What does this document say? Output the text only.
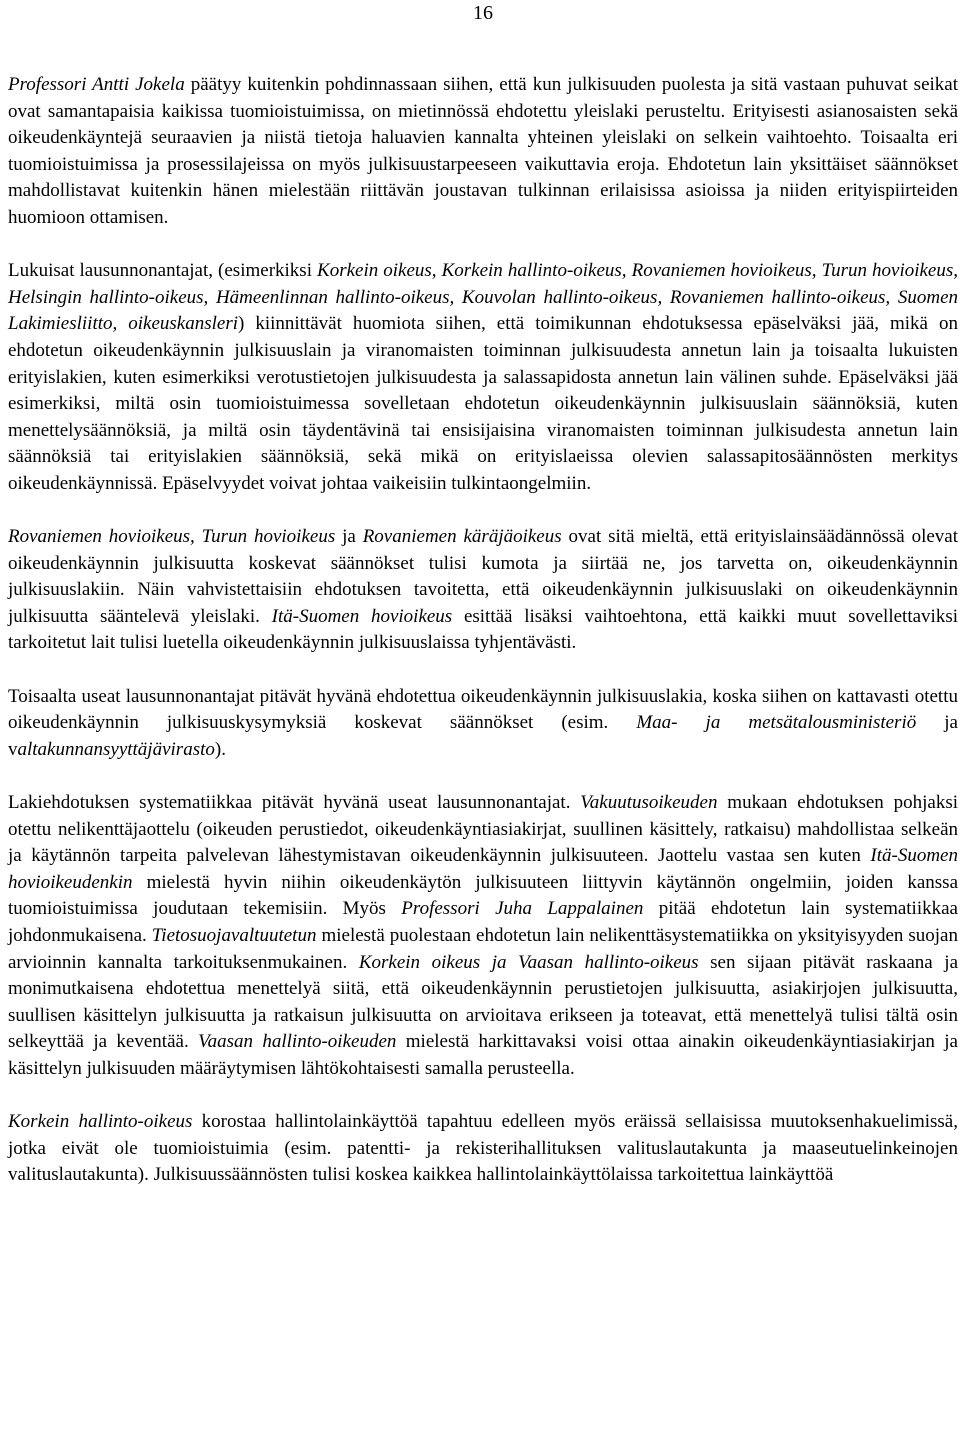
16

Professori Antti Jokela päätyy kuitenkin pohdinnassaan siihen, että kun julkisuuden puolesta ja sitä vastaan puhuvat seikat ovat samantapaisia kaikissa tuomioistuimissa, on mietinnössä ehdotettu yleislaki perusteltu. Erityisesti asianosaisten sekä oikeudenkäyntejä seuraavien ja niistä tietoja haluavien kannalta yhteinen yleislaki on selkein vaihtoehto. Toisaalta eri tuomioistuimissa ja prosessilajeissa on myös julkisuustarpeeseen vaikuttavia eroja. Ehdotetun lain yksittäiset säännökset mahdollistavat kuitenkin hänen mielestään riittävän joustavan tulkinnan erilaisissa asioissa ja niiden erityispiirteiden huomioon ottamisen.

Lukuisat lausunnonantajat, (esimerkiksi Korkein oikeus, Korkein hallinto-oikeus, Rovaniemen hovioikeus, Turun hovioikeus, Helsingin hallinto-oikeus, Hämeenlinnan hallinto-oikeus, Kouvolan hallinto-oikeus, Rovaniemen hallinto-oikeus, Suomen Lakimiesliitto, oikeuskansleri) kiinnittävät huomiota siihen, että toimikunnan ehdotuksessa epäselväksi jää, mikä on ehdotetun oikeudenkäynnin julkisuuslain ja viranomaisten toiminnan julkisuudesta annetun lain ja toisaalta lukuisten erityislakien, kuten esimerkiksi verotustietojen julkisuudesta ja salassapidosta annetun lain välinen suhde. Epäselväksi jää esimerkiksi, miltä osin tuomioistuimessa sovelletaan ehdotetun oikeudenkäynnin julkisuuslain säännöksiä, kuten menettelysäännöksiä, ja miltä osin täydentävinä tai ensisijaisina viranomaisten toiminnan julkisudesta annetun lain säännöksiä tai erityislakien säännöksiä, sekä mikä on erityislaeissa olevien salassapitosäännösten merkitys oikeudenkäynnissä. Epäselvyydet voivat johtaa vaikeisiin tulkintaongelmiin.

Rovaniemen hovioikeus, Turun hovioikeus ja Rovaniemen käräjäoikeus ovat sitä mieltä, että erityislainsäädännössä olevat oikeudenkäynnin julkisuutta koskevat säännökset tulisi kumota ja siirtää ne, jos tarvetta on, oikeudenkäynnin julkisuuslakiin. Näin vahvistettaisiin ehdotuksen tavoitetta, että oikeudenkäynnin julkisuuslaki on oikeudenkäynnin julkisuutta sääntelevä yleislaki. Itä-Suomen hovioikeus esittää lisäksi vaihtoehtona, että kaikki muut sovellettaviksi tarkoitetut lait tulisi luetella oikeudenkäynnin julkisuuslaissa tyhjentävästi.

Toisaalta useat lausunnonantajat pitävät hyvänä ehdotettua oikeudenkäynnin julkisuuslakia, koska siihen on kattavasti otettu oikeudenkäynnin julkisuuskysymyksiä koskevat säännökset (esim. Maa- ja metsätalousministeriö ja valtakunnansyyttäjävirasto).

Lakiehdotuksen systematiikkaa pitävät hyvänä useat lausunnonantajat. Vakuutusoikeuden mukaan ehdotuksen pohjaksi otettu nelikenttäjaottelu (oikeuden perustiedot, oikeudenkäyntiasiakirjat, suullinen käsittely, ratkaisu) mahdollistaa selkeän ja käytännön tarpeita palvelevan lähestymistavan oikeudenkäynnin julkisuuteen. Jaottelu vastaa sen kuten Itä-Suomen hovioikeudenkin mielestä hyvin niihin oikeudenkäytön julkisuuteen liittyvin käytännön ongelmiin, joiden kanssa tuomioistuimissa joudutaan tekemisiin. Myös Professori Juha Lappalainen pitää ehdotetun lain systematiikkaa johdonmukaisena. Tietosuojavaltuutetun mielestä puolestaan ehdotetun lain nelikenttäsystematiikka on yksityisyyden suojan arvioinnin kannalta tarkoituksenmukainen. Korkein oikeus ja Vaasan hallinto-oikeus sen sijaan pitävät raskaana ja monimutkaisena ehdotettua menettelyä siitä, että oikeudenkäynnin perustietojen julkisuutta, asiakirjojen julkisuutta, suullisen käsittelyn julkisuutta ja ratkaisun julkisuutta on arvioitava erikseen ja toteavat, että menettelyä tulisi tältä osin selkeyttää ja keventää. Vaasan hallinto-oikeuden mielestä harkittavaksi voisi ottaa ainakin oikeudenkäyntiasiakirjan ja käsittelyn julkisuuden määräytymisen lähtökohtaisesti samalla perusteella.

Korkein hallinto-oikeus korostaa hallintolainkäyttöä tapahtuu edelleen myös eräissä sellaisissa muutoksenhakuelimissä, jotka eivät ole tuomioistuimia (esim. patentti- ja rekisterihallituksen valituslautakunta ja maaseutuelinkeinojen valituslautakunta). Julkisuussäännösten tulisi koskea kaikkea hallintolainkäyttölaissa tarkoitettua lainkäyttöä
